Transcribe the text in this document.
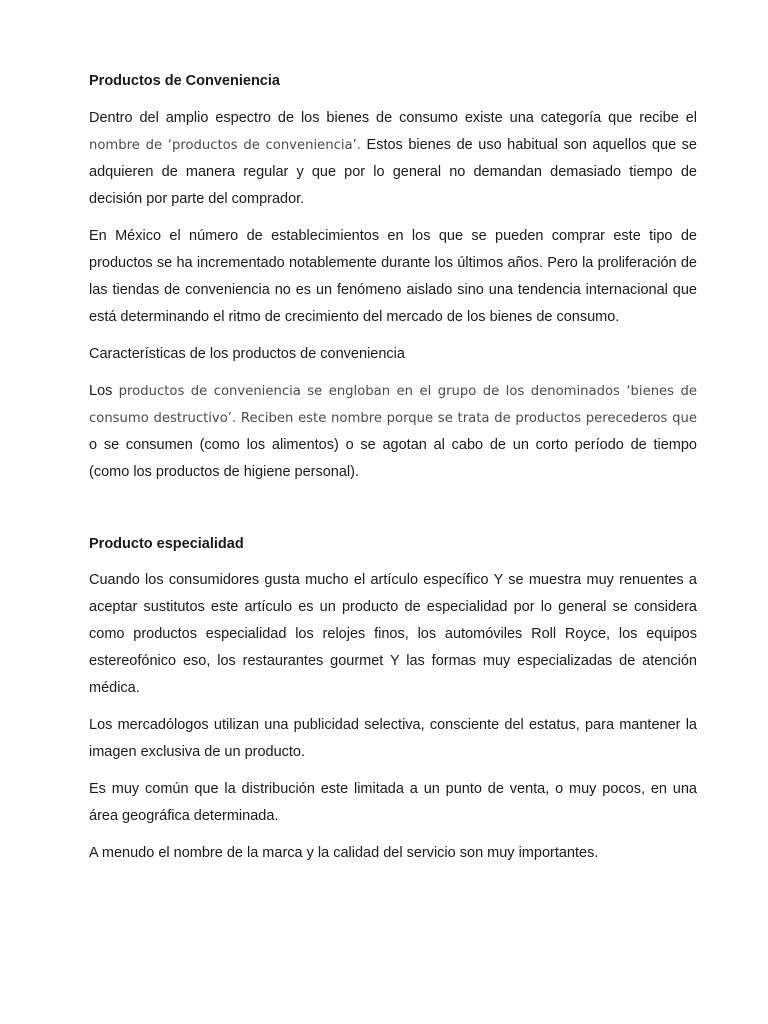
Productos de Conveniencia

Dentro del amplio espectro de los bienes de consumo existe una categoría que recibe el nombre de ‘productos de conveniencia’. Estos bienes de uso habitual son aquellos que se adquieren de manera regular y que por lo general no demandan demasiado tiempo de decisión por parte del comprador.

En México el número de establecimientos en los que se pueden comprar este tipo de productos se ha incrementado notablemente durante los últimos años. Pero la proliferación de las tiendas de conveniencia no es un fenómeno aislado sino una tendencia internacional que está determinando el ritmo de crecimiento del mercado de los bienes de consumo.

Características de los productos de conveniencia

Los productos de conveniencia se engloban en el grupo de los denominados ‘bienes de consumo destructivo’. Reciben este nombre porque se trata de productos perecederos que o se consumen (como los alimentos) o se agotan al cabo de un corto período de tiempo (como los productos de higiene personal).

Producto especialidad

Cuando los consumidores gusta mucho el artículo específico Y se muestra muy renuentes a aceptar sustitutos este artículo es un producto de especialidad por lo general se considera como productos especialidad los relojes finos, los automóviles Roll Royce, los equipos estereofónico eso, los restaurantes gourmet Y las formas muy especializadas de atención médica.

Los mercadólogos utilizan una publicidad selectiva, consciente del estatus, para mantener la imagen exclusiva de un producto.

Es muy común que la distribución este limitada a un punto de venta, o muy pocos, en una área geográfica determinada.

A menudo el nombre de la marca y la calidad del servicio son muy importantes.
